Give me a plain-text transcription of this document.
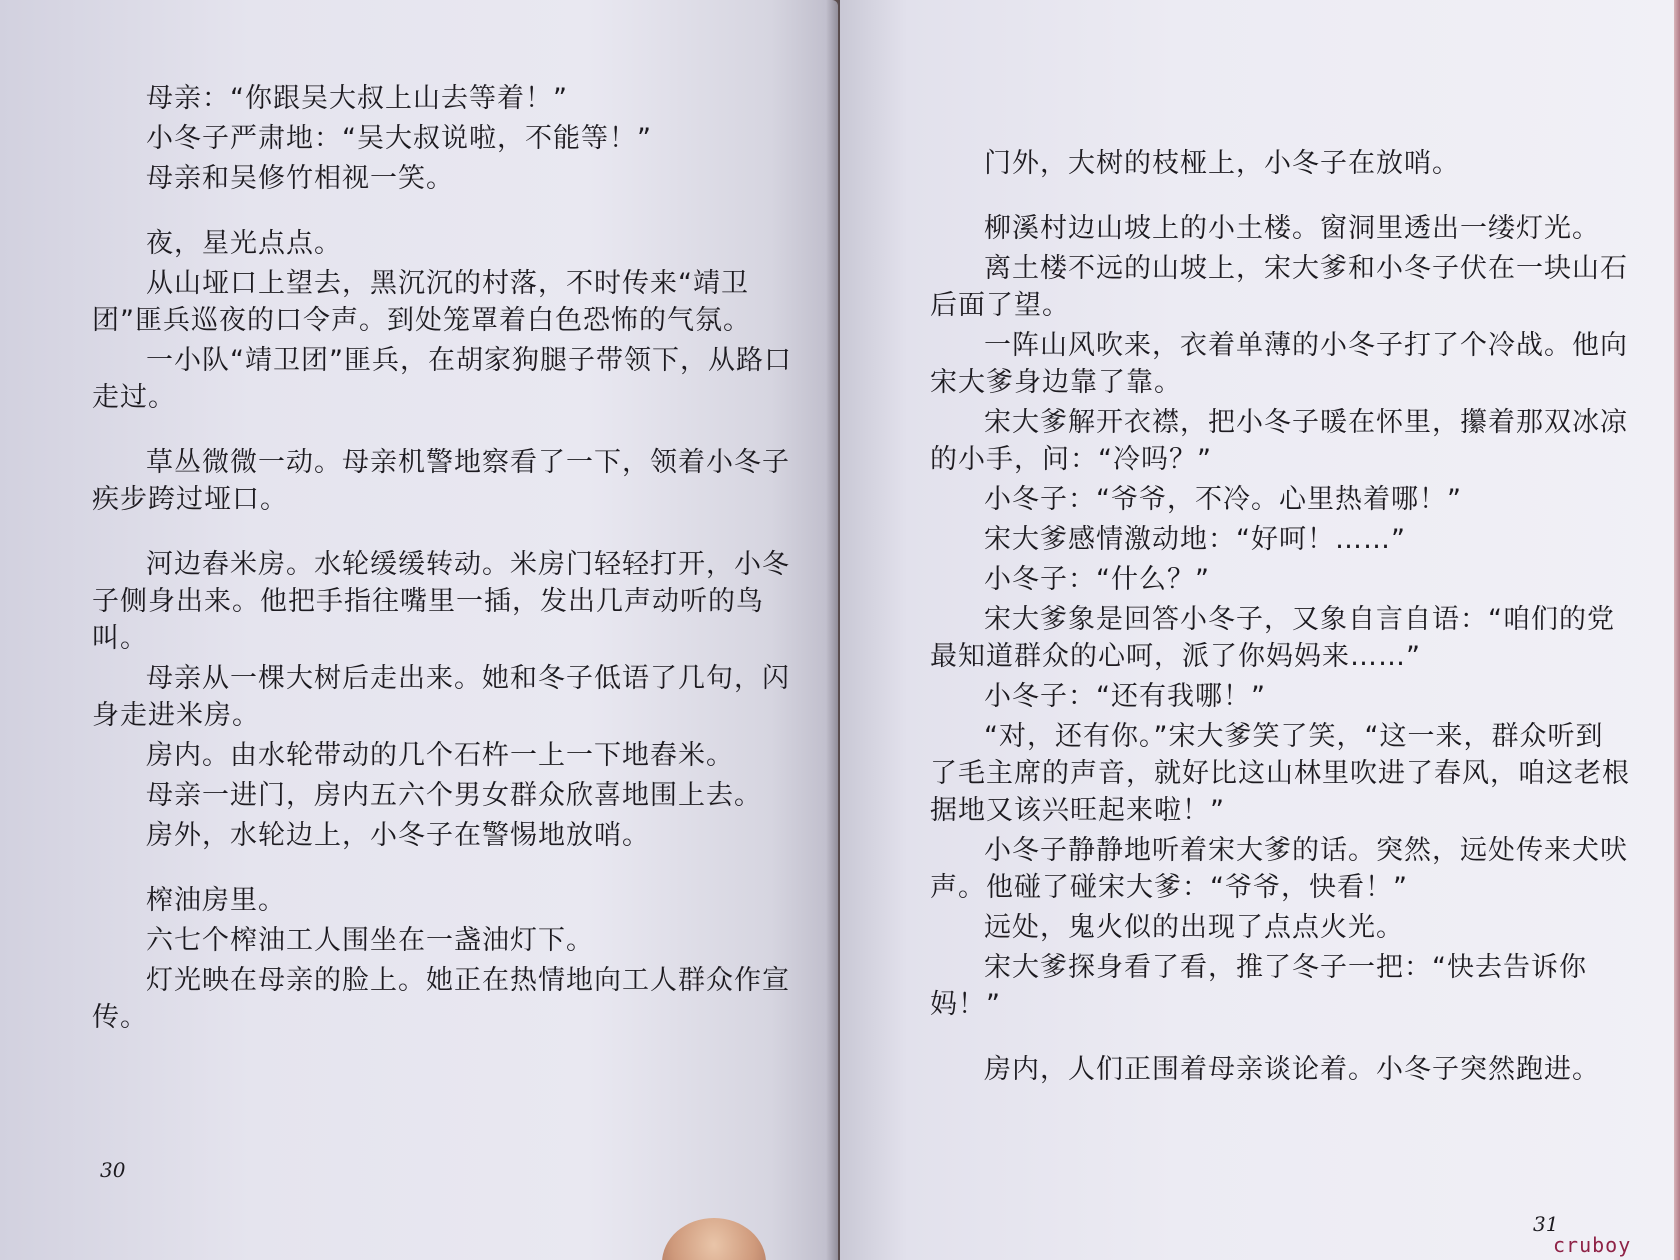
母亲：“你跟吴大叔上山去等着！”

小冬子严肃地：“吴大叔说啦，不能等！”

母亲和吴修竹相视一笑。

夜，星光点点。

从山垭口上望去，黑沉沉的村落，不时传来“靖卫团”匪兵巡夜的口令声。到处笼罩着白色恐怖的气氛。

一小队“靖卫团”匪兵，在胡家狗腿子带领下，从路口走过。

草丛微微一动。母亲机警地察看了一下，领着小冬子疾步跨过垭口。

河边舂米房。水轮缓缓转动。米房门轻轻打开，小冬子侧身出来。他把手指往嘴里一插，发出几声动听的鸟叫。

母亲从一棵大树后走出来。她和冬子低语了几句，闪身走进米房。

房内。由水轮带动的几个石杵一上一下地舂米。

母亲一进门，房内五六个男女群众欣喜地围上去。

房外，水轮边上，小冬子在警惕地放哨。

榨油房里。

六七个榨油工人围坐在一盏油灯下。

灯光映在母亲的脸上。她正在热情地向工人群众作宣传。

30

门外，大树的枝桠上，小冬子在放哨。

柳溪村边山坡上的小土楼。窗洞里透出一缕灯光。

离土楼不远的山坡上，宋大爹和小冬子伏在一块山石后面了望。

一阵山风吹来，衣着单薄的小冬子打了个冷战。他向宋大爹身边靠了靠。

宋大爹解开衣襟，把小冬子暖在怀里，攥着那双冰凉的小手，问：“冷吗？”

小冬子：“爷爷，不冷。心里热着哪！”

宋大爹感情激动地：“好呵！……”

小冬子：“什么？”

宋大爹象是回答小冬子，又象自言自语：“咱们的党最知道群众的心呵，派了你妈妈来……”

小冬子：“还有我哪！”

“对，还有你。”宋大爹笑了笑，“这一来，群众听到了毛主席的声音，就好比这山林里吹进了春风，咱这老根据地又该兴旺起来啦！”

小冬子静静地听着宋大爹的话。突然，远处传来犬吠声。他碰了碰宋大爹：“爷爷，快看！”

远处，鬼火似的出现了点点火光。

宋大爹探身看了看，推了冬子一把：“快去告诉你妈！”

房内，人们正围着母亲谈论着。小冬子突然跑进。

31
cruboy
